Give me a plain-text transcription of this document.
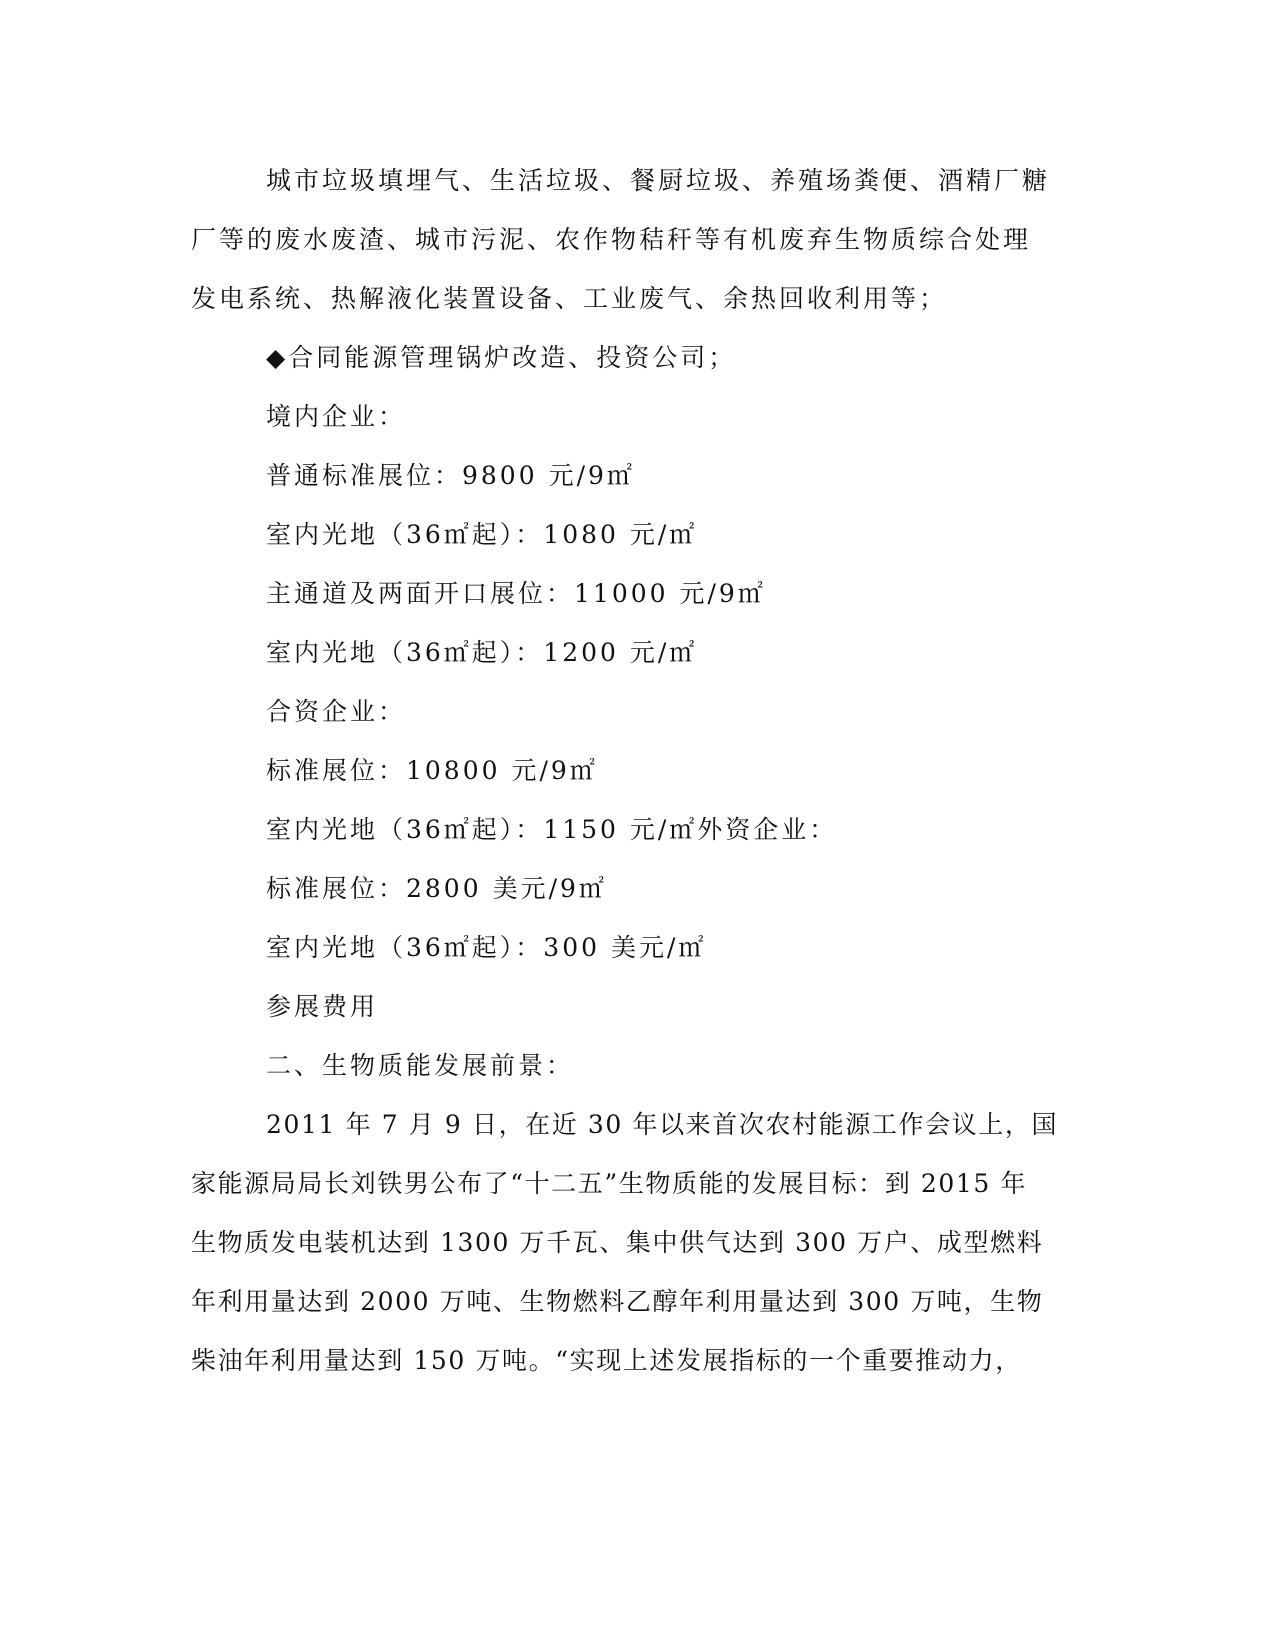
城市垃圾填埋气、生活垃圾、餐厨垃圾、养殖场粪便、酒精厂糖
厂等的废水废渣、城市污泥、农作物秸秆等有机废弃生物质综合处理
发电系统、热解液化装置设备、工业废气、余热回收利用等；
◆合同能源管理锅炉改造、投资公司；
境内企业：
普通标准展位：9800 元/9㎡
室内光地（36㎡起）：1080 元/㎡
主通道及两面开口展位：11000 元/9㎡
室内光地（36㎡起）：1200 元/㎡
合资企业：
标准展位：10800 元/9㎡
室内光地（36㎡起）：1150 元/㎡外资企业：
标准展位：2800 美元/9㎡
室内光地（36㎡起）：300 美元/㎡
参展费用
二、生物质能发展前景：
2011 年 7 月 9 日，在近 30 年以来首次农村能源工作会议上，国
家能源局局长刘铁男公布了“十二五”生物质能的发展目标：到 2015 年
生物质发电装机达到 1300 万千瓦、集中供气达到 300 万户、成型燃料
年利用量达到 2000 万吨、生物燃料乙醇年利用量达到 300 万吨，生物
柴油年利用量达到 150 万吨。“实现上述发展指标的一个重要推动力，
